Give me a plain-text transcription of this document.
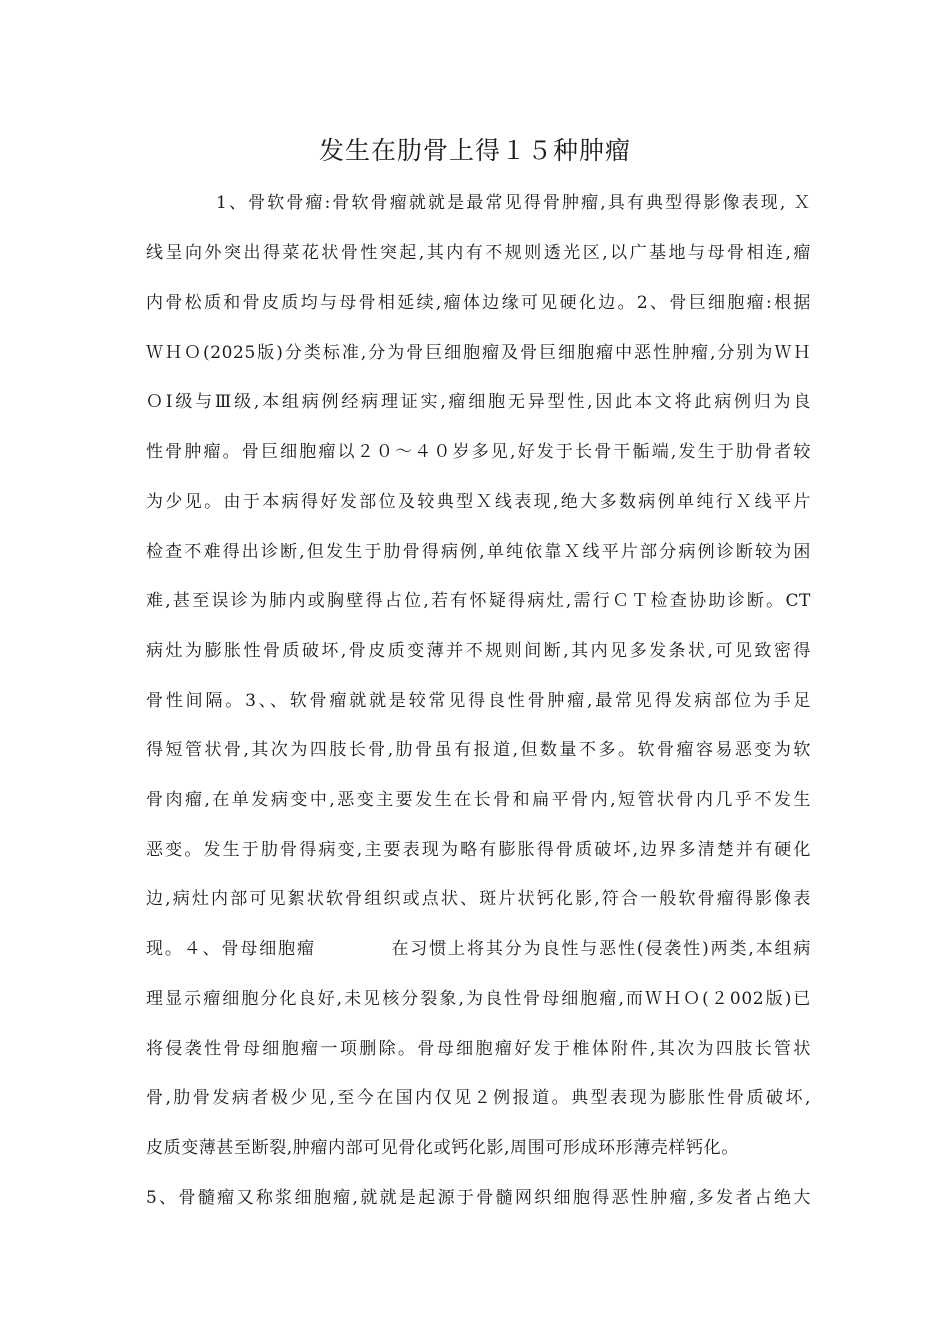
发生在肋骨上得１５种肿瘤
1、骨软骨瘤:骨软骨瘤就就是最常见得骨肿瘤,具有典型得影像表现, Ｘ
线呈向外突出得菜花状骨性突起,其内有不规则透光区,以广基地与母骨相连,瘤
内骨松质和骨皮质均与母骨相延续,瘤体边缘可见硬化边。2、骨巨细胞瘤:根据
ＷＨＯ(2025版)分类标准,分为骨巨细胞瘤及骨巨细胞瘤中恶性肿瘤,分别为ＷＨ
ＯⅠ级与Ⅲ级,本组病例经病理证实,瘤细胞无异型性,因此本文将此病例归为良
性骨肿瘤。骨巨细胞瘤以２０～４０岁多见,好发于长骨干骺端,发生于肋骨者较
为少见。由于本病得好发部位及较典型Ｘ线表现,绝大多数病例单纯行Ｘ线平片
检查不难得出诊断,但发生于肋骨得病例,单纯依靠Ｘ线平片部分病例诊断较为困
难,甚至误诊为肺内或胸壁得占位,若有怀疑得病灶,需行ＣＴ检查协助诊断。CT
病灶为膨胀性骨质破坏,骨皮质变薄并不规则间断,其内见多发条状,可见致密得
骨性间隔。3、、软骨瘤就就是较常见得良性骨肿瘤,最常见得发病部位为手足
得短管状骨,其次为四肢长骨,肋骨虽有报道,但数量不多。软骨瘤容易恶变为软
骨肉瘤,在单发病变中,恶变主要发生在长骨和扁平骨内,短管状骨内几乎不发生
恶变。发生于肋骨得病变,主要表现为略有膨胀得骨质破坏,边界多清楚并有硬化
边,病灶内部可见絮状软骨组织或点状、斑片状钙化影,符合一般软骨瘤得影像表
现。４、骨母细胞瘤　　　　在习惯上将其分为良性与恶性(侵袭性)两类,本组病
理显示瘤细胞分化良好,未见核分裂象,为良性骨母细胞瘤,而ＷＨＯ(２002版)已
将侵袭性骨母细胞瘤一项删除。骨母细胞瘤好发于椎体附件,其次为四肢长管状
骨,肋骨发病者极少见,至今在国内仅见２例报道。典型表现为膨胀性骨质破坏,
皮质变薄甚至断裂,肿瘤内部可见骨化或钙化影,周围可形成环形薄壳样钙化。
5、骨髓瘤又称浆细胞瘤,就就是起源于骨髓网织细胞得恶性肿瘤,多发者占绝大
